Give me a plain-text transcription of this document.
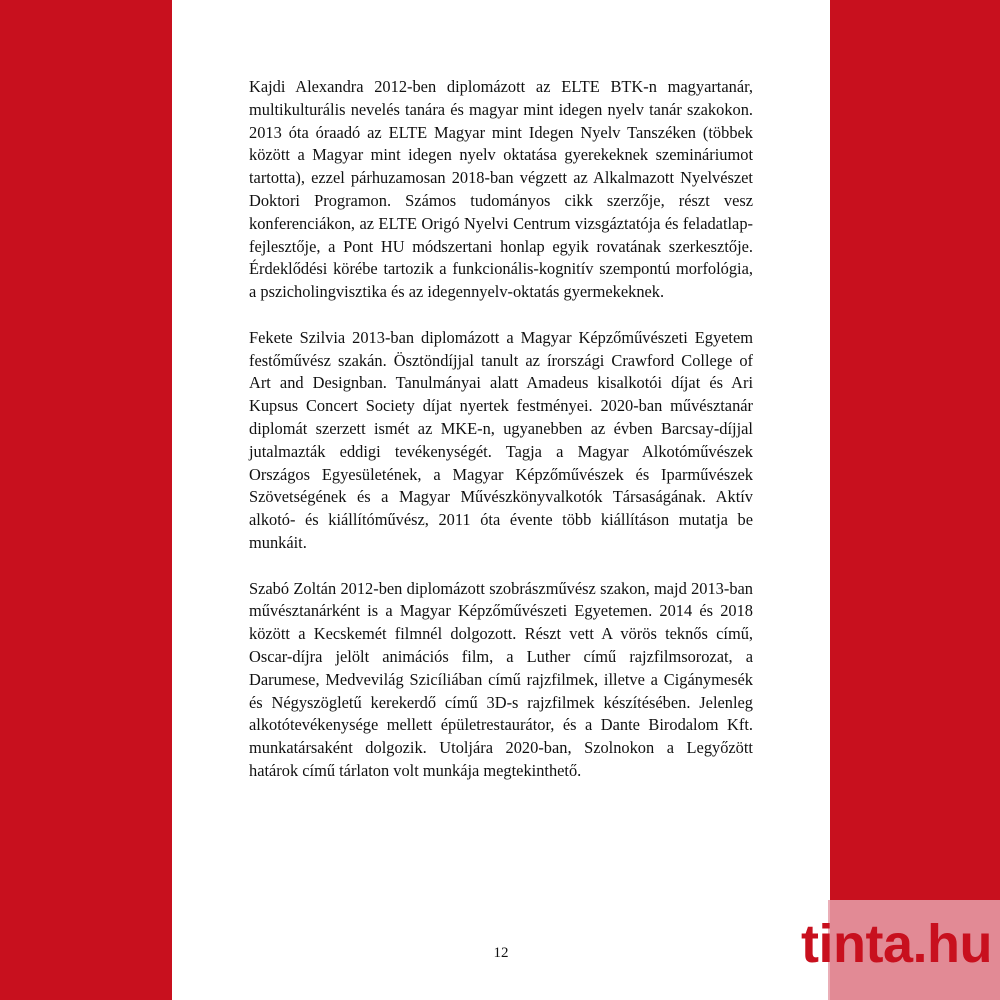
Kajdi Alexandra 2012-ben diplomázott az ELTE BTK-n magyartanár, multikulturális nevelés tanára és magyar mint idegen nyelv tanár szakokon. 2013 óta óraadó az ELTE Magyar mint Idegen Nyelv Tanszéken (többek között a Magyar mint idegen nyelv oktatása gyerekeknek szemináriumot tartotta), ezzel párhuzamosan 2018-ban végzett az Alkalmazott Nyelvészet Doktori Programon. Számos tudományos cikk szerzője, részt vesz konferenciákon, az ELTE Origó Nyelvi Centrum vizsgáztatója és feladatlap-fejlesztője, a Pont HU módszertani honlap egyik rovatának szerkesztője. Érdeklődési körébe tartozik a funkcionális-kognitív szempontú morfológia, a pszicholingvisztika és az idegennyelv-oktatás gyermekeknek.

Fekete Szilvia 2013-ban diplomázott a Magyar Képzőművészeti Egyetem festőművész szakán. Ösztöndíjjal tanult az írországi Crawford College of Art and Designban. Tanulmányai alatt Amadeus kisalkotói díjat és Ari Kupsus Concert Society díjat nyertek festményei. 2020-ban művésztanár diplomát szerzett ismét az MKE-n, ugyanebben az évben Barcsay-díjjal jutalmazták eddigi tevékenységét. Tagja a Magyar Alkotóművészek Országos Egyesületének, a Magyar Képzőművészek és Iparművészek Szövetségének és a Magyar Művészkönyvalkotók Társaságának. Aktív alkotó- és kiállítóművész, 2011 óta évente több kiállításon mutatja be munkáit.

Szabó Zoltán 2012-ben diplomázott szobrászművész szakon, majd 2013-ban művésztanárként is a Magyar Képzőművészeti Egyetemen. 2014 és 2018 között a Kecskemét filmnél dolgozott. Részt vett A vörös teknős című, Oscar-díjra jelölt animációs film, a Luther című rajzfilmsorozat, a Darumese, Medvevilág Szicíliában című rajzfilmek, illetve a Cigánymesék és Négyszögletű kerekerdő című 3D-s rajzfilmek készítésében. Jelenleg alkotótevékenysége mellett épületrestaurátor, és a Dante Birodalom Kft. munkatársaként dolgozik. Utoljára 2020-ban, Szolnokon a Legyőzött határok című tárlaton volt munkája megtekinthető.

12	tinta.hu
